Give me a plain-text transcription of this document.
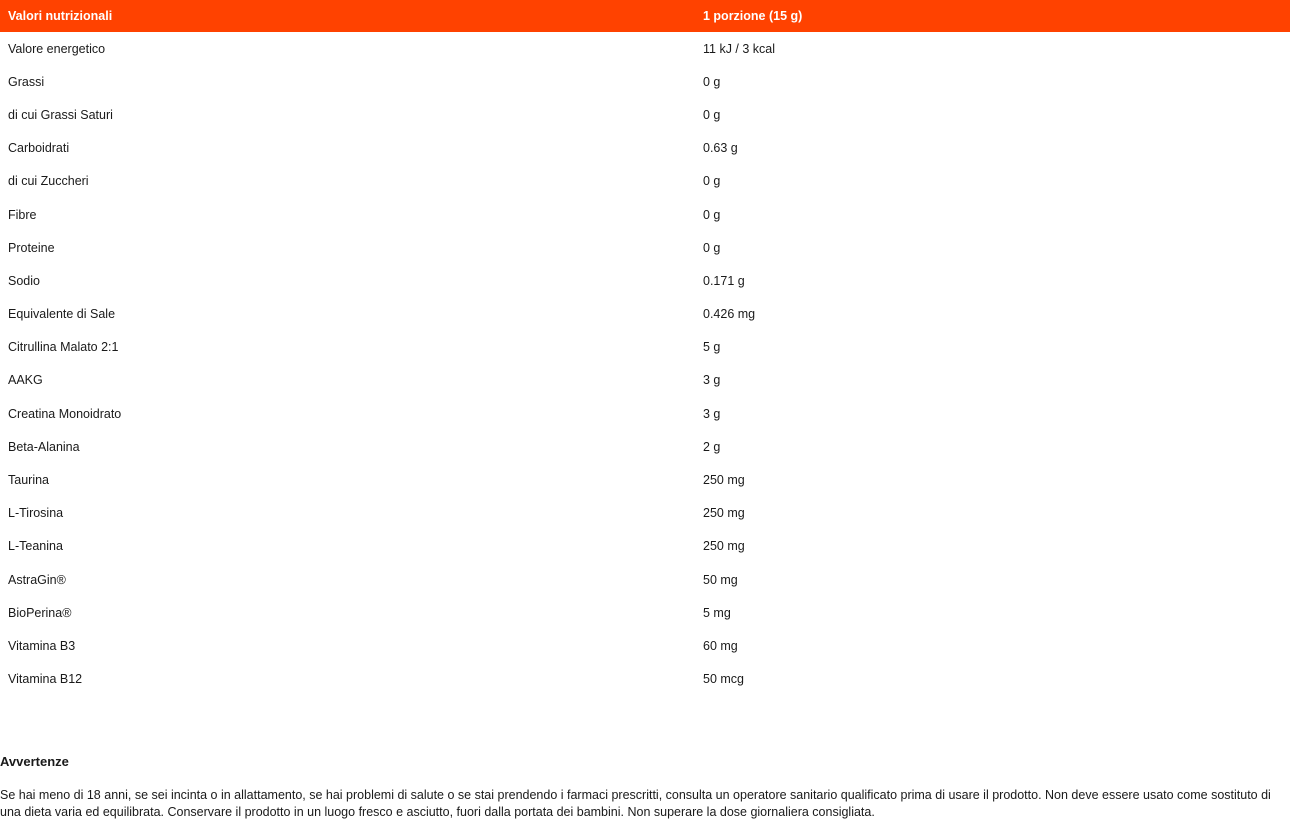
Valori nutrizionali	1 porzione (15 g)
Valore energetico	11 kJ / 3 kcal
Grassi	0 g
di cui Grassi Saturi	0 g
Carboidrati	0.63 g
di cui Zuccheri	0 g
Fibre	0 g
Proteine	0 g
Sodio	0.171 g
Equivalente di Sale	0.426 mg
Citrullina Malato 2:1	5 g
AAKG	3 g
Creatina Monoidrato	3 g
Beta-Alanina	2 g
Taurina	250 mg
L-Tirosina	250 mg
L-Teanina	250 mg
AstraGin®	50 mg
BioPerina®	5 mg
Vitamina B3	60 mg
Vitamina B12	50 mcg
Avvertenze

Se hai meno di 18 anni, se sei incinta o in allattamento, se hai problemi di salute o se stai prendendo i farmaci prescritti, consulta un operatore sanitario qualificato prima di usare il prodotto. Non deve essere usato come sostituto di una dieta varia ed equilibrata. Conservare il prodotto in un luogo fresco e asciutto, fuori dalla portata dei bambini. Non superare la dose giornaliera consigliata.
